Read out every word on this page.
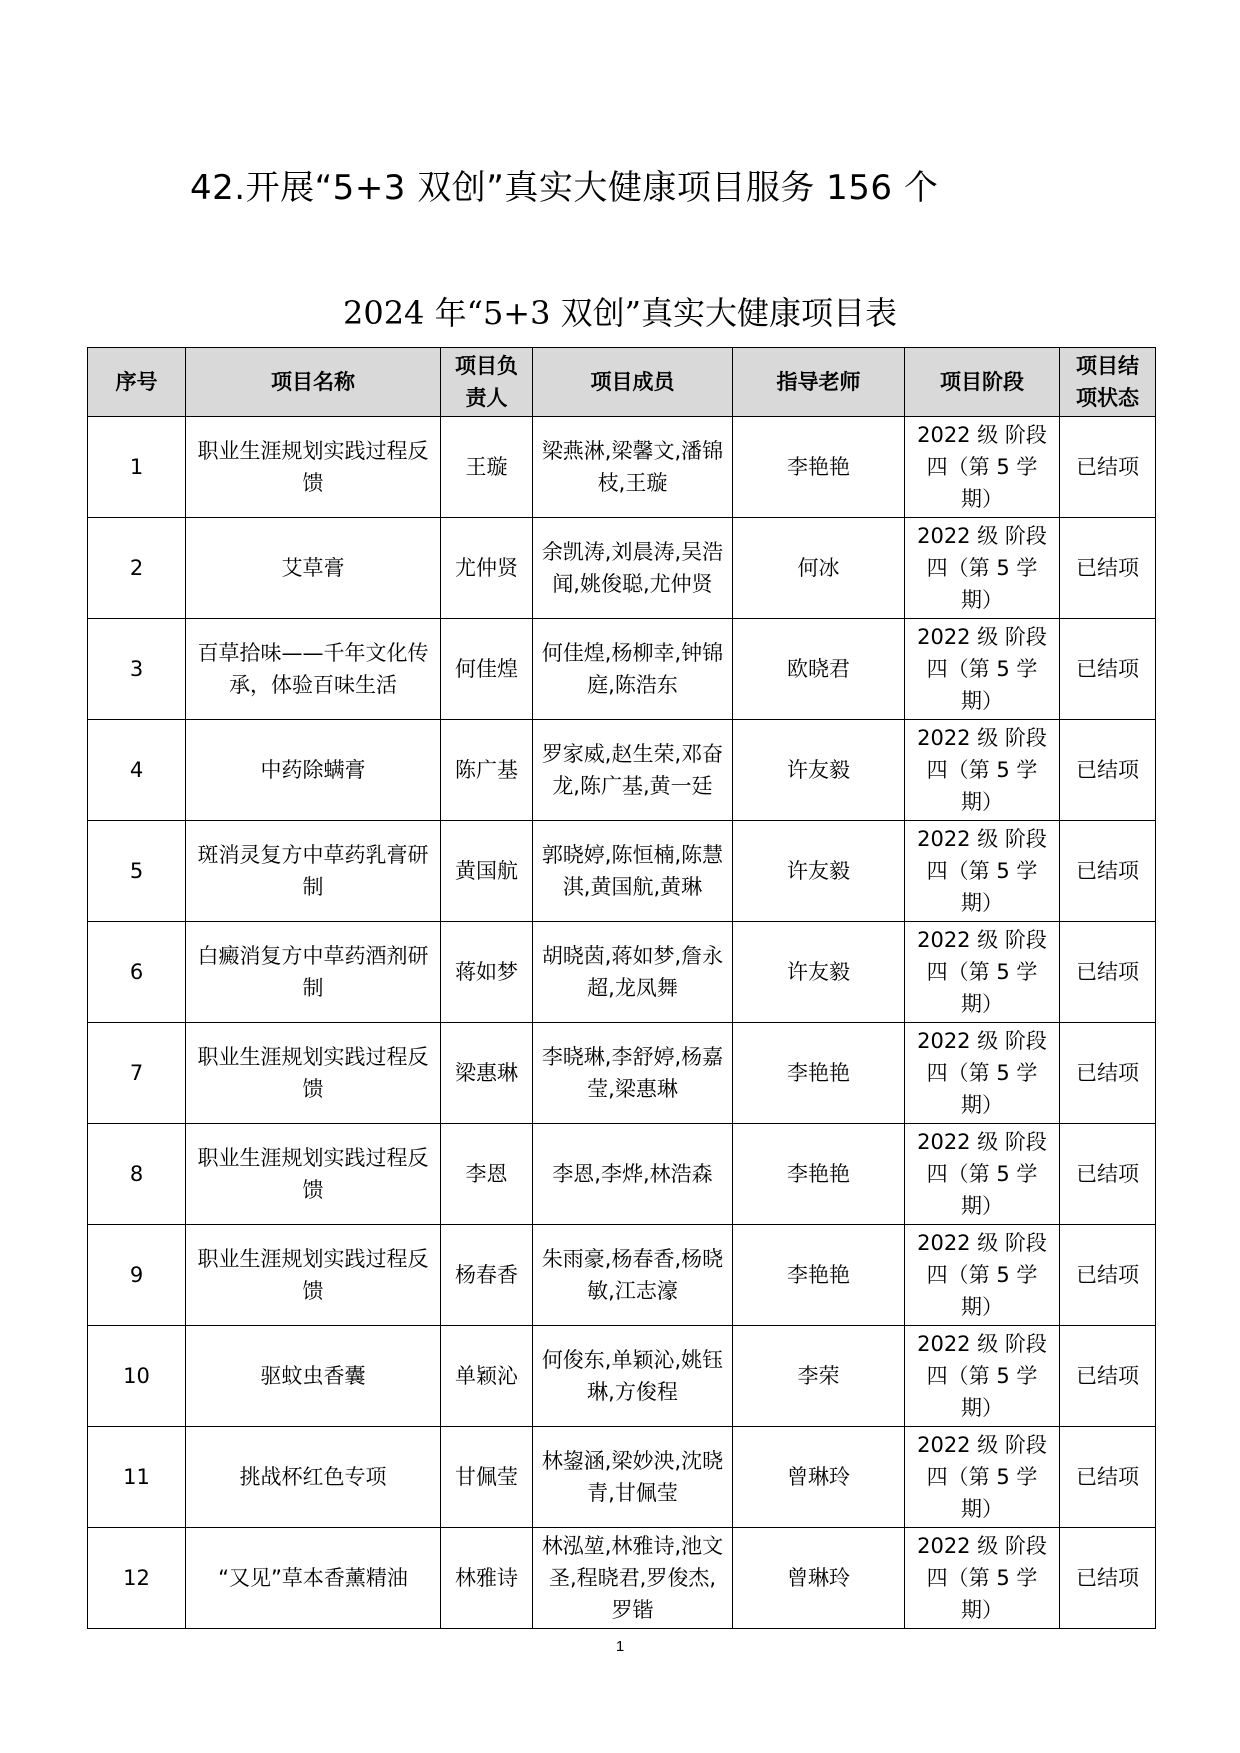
42.开展“5+3 双创”真实大健康项目服务 156 个
2024 年“5+3 双创”真实大健康项目表
序号	项目名称	项目负责人	项目成员	指导老师	项目阶段	项目结项状态
1	职业生涯规划实践过程反馈	王璇	梁燕淋,梁馨文,潘锦枝,王璇	李艳艳	2022 级 阶段四（第 5 学期）	已结项
2	艾草膏	尤仲贤	余凯涛,刘晨涛,吴浩闻,姚俊聪,尤仲贤	何冰	2022 级 阶段四（第 5 学期）	已结项
3	百草拾味——千年文化传承，体验百味生活	何佳煌	何佳煌,杨柳幸,钟锦庭,陈浩东	欧晓君	2022 级 阶段四（第 5 学期）	已结项
4	中药除螨膏	陈广基	罗家威,赵生荣,邓奋龙,陈广基,黄一廷	许友毅	2022 级 阶段四（第 5 学期）	已结项
5	斑消灵复方中草药乳膏研制	黄国航	郭晓婷,陈恒楠,陈慧淇,黄国航,黄琳	许友毅	2022 级 阶段四（第 5 学期）	已结项
6	白癜消复方中草药酒剂研制	蒋如梦	胡晓茵,蒋如梦,詹永超,龙凤舞	许友毅	2022 级 阶段四（第 5 学期）	已结项
7	职业生涯规划实践过程反馈	梁惠琳	李晓琳,李舒婷,杨嘉莹,梁惠琳	李艳艳	2022 级 阶段四（第 5 学期）	已结项
8	职业生涯规划实践过程反馈	李恩	李恩,李烨,林浩森	李艳艳	2022 级 阶段四（第 5 学期）	已结项
9	职业生涯规划实践过程反馈	杨春香	朱雨豪,杨春香,杨晓敏,江志濠	李艳艳	2022 级 阶段四（第 5 学期）	已结项
10	驱蚊虫香囊	单颖沁	何俊东,单颖沁,姚钰琳,方俊程	李荣	2022 级 阶段四（第 5 学期）	已结项
11	挑战杯红色专项	甘佩莹	林鋆涵,梁妙泱,沈晓青,甘佩莹	曾琳玲	2022 级 阶段四（第 5 学期）	已结项
12	“又见”草本香薰精油	林雅诗	林泓堃,林雅诗,池文圣,程晓君,罗俊杰,罗锴	曾琳玲	2022 级 阶段四（第 5 学期）	已结项
1
